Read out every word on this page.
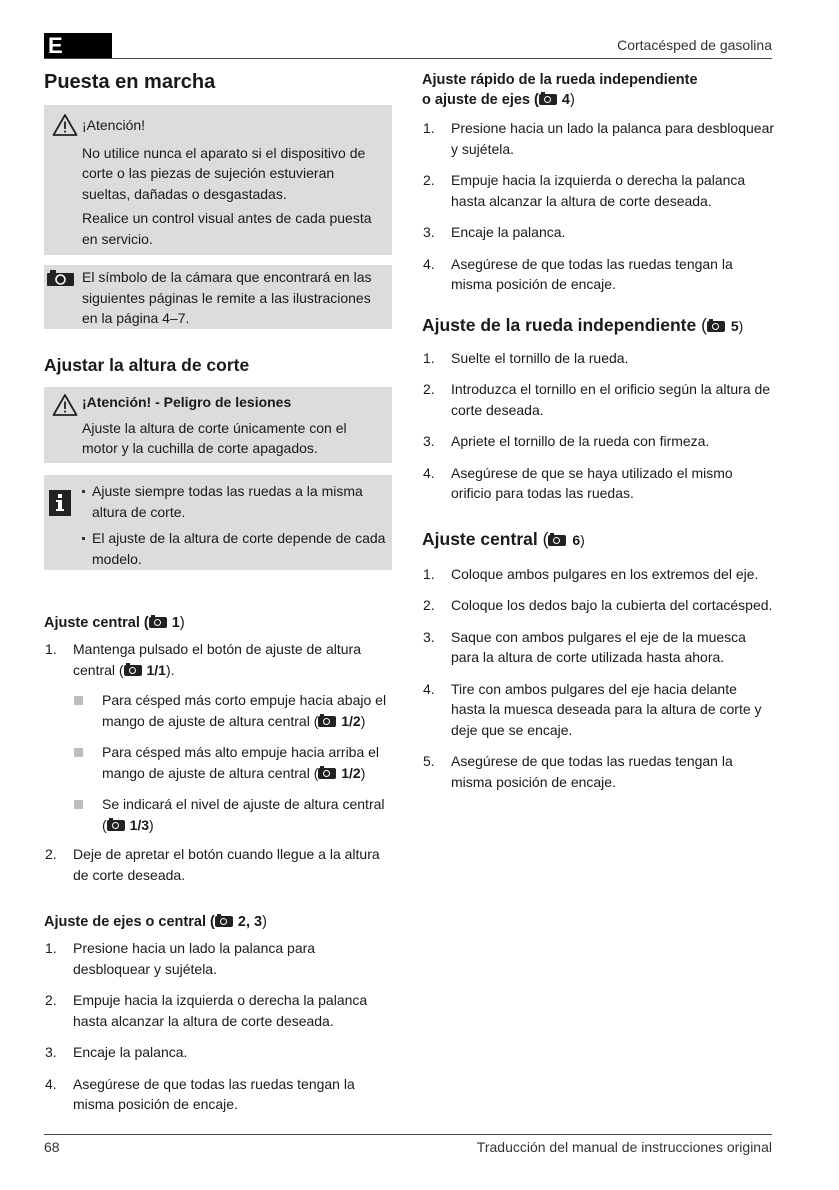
E	Cortacésped de gasolina
Puesta en marcha
¡Atención!

No utilice nunca el aparato si el dispositivo de corte o las piezas de sujeción estuvieran sueltas, dañadas o desgastadas.

Realice un control visual antes de cada puesta en servicio.

El símbolo de la cámara que encontrará en las siguientes páginas le remite a las ilustraciones en la página 4–7.
Ajustar la altura de corte
¡Atención! - Peligro de lesiones

Ajuste la altura de corte únicamente con el motor y la cuchilla de corte apagados.

Ajuste siempre todas las ruedas a la misma altura de corte.
El ajuste de la altura de corte depende de cada modelo.
Ajuste central ( 1)
1. Mantenga pulsado el botón de ajuste de altura central ( 1/1).
Para césped más corto empuje hacia abajo el mango de ajuste de altura central ( 1/2)
Para césped más alto empuje hacia arriba el mango de ajuste de altura central ( 1/2)
Se indicará el nivel de ajuste de altura central ( 1/3)
2. Deje de apretar el botón cuando llegue a la altura de corte deseada.
Ajuste de ejes o central ( 2, 3)
1. Presione hacia un lado la palanca para desbloquear y sujétela.
2. Empuje hacia la izquierda o derecha la palanca hasta alcanzar la altura de corte deseada.
3. Encaje la palanca.
4. Asegúrese de que todas las ruedas tengan la misma posición de encaje.
Ajuste rápido de la rueda independiente
o ajuste de ejes ( 4)
1. Presione hacia un lado la palanca para desbloquear y sujétela.
2. Empuje hacia la izquierda o derecha la palanca hasta alcanzar la altura de corte deseada.
3. Encaje la palanca.
4. Asegúrese de que todas las ruedas tengan la misma posición de encaje.
Ajuste de la rueda independiente ( 5)
1. Suelte el tornillo de la rueda.
2. Introduzca el tornillo en el orificio según la altura de corte deseada.
3. Apriete el tornillo de la rueda con firmeza.
4. Asegúrese de que se haya utilizado el mismo orificio para todas las ruedas.
Ajuste central ( 6)
1. Coloque ambos pulgares en los extremos del eje.
2. Coloque los dedos bajo la cubierta del cortacésped.
3. Saque con ambos pulgares el eje de la muesca para la altura de corte utilizada hasta ahora.
4. Tire con ambos pulgares del eje hacia delante hasta la muesca deseada para la altura de corte y deje que se encaje.
5. Asegúrese de que todas las ruedas tengan la misma posición de encaje.
68	Traducción del manual de instrucciones original
